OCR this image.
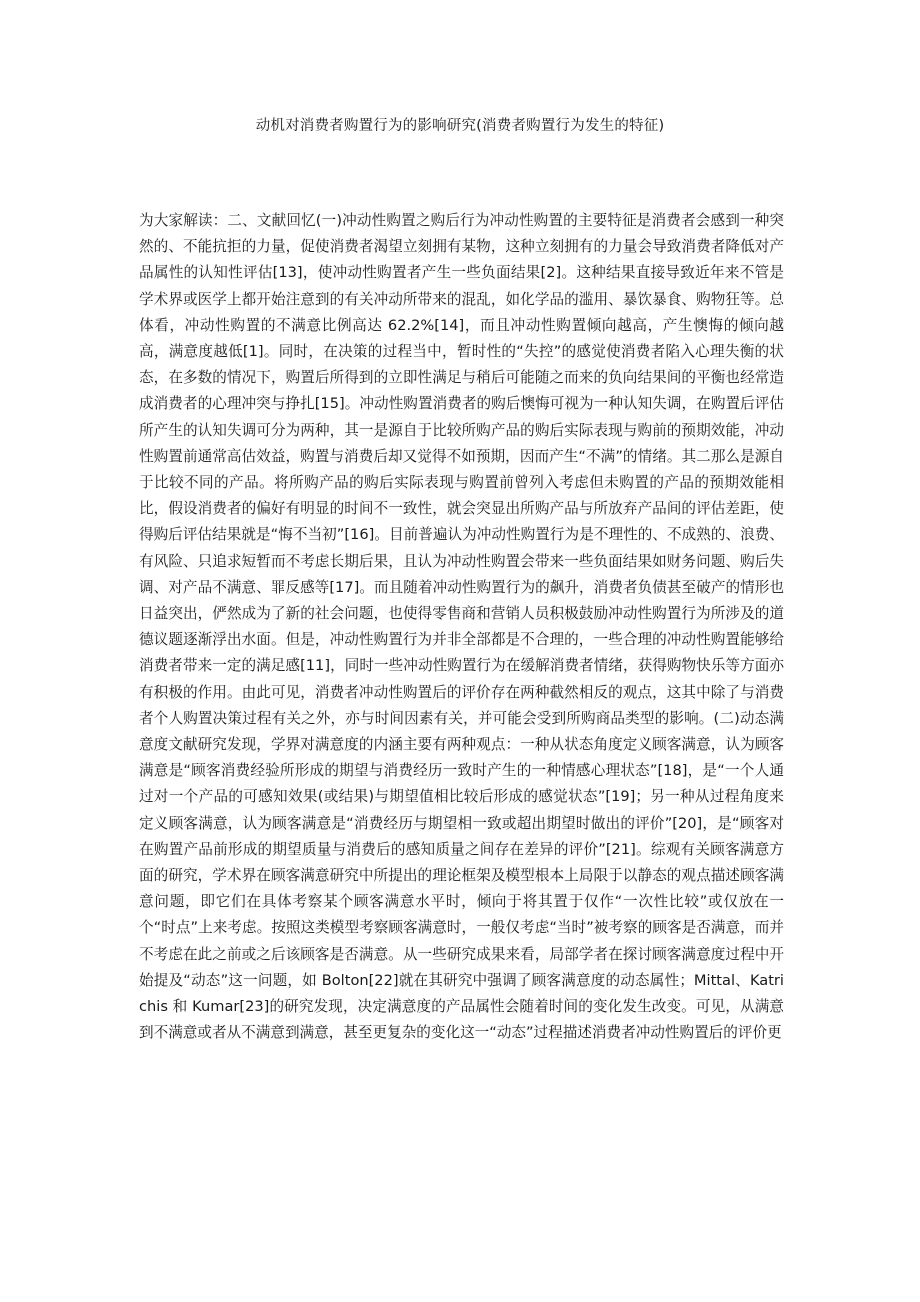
动机对消费者购置行为的影响研究(消费者购置行为发生的特征)

为大家解读：二、文献回忆(一)冲动性购置之购后行为冲动性购置的主要特征是消费者会感到一种突然的、不能抗拒的力量，促使消费者渴望立刻拥有某物，这种立刻拥有的力量会导致消费者降低对产品属性的认知性评估[13]，使冲动性购置者产生一些负面结果[2]。这种结果直接导致近年来不管是学术界或医学上都开始注意到的有关冲动所带来的混乱，如化学品的滥用、暴饮暴食、购物狂等。总体看，冲动性购置的不满意比例高达 62.2%[14]，而且冲动性购置倾向越高，产生懊悔的倾向越高，满意度越低[1]。同时，在决策的过程当中，暂时性的“失控”的感觉使消费者陷入心理失衡的状态，在多数的情况下，购置后所得到的立即性满足与稍后可能随之而来的负向结果间的平衡也经常造成消费者的心理冲突与挣扎[15]。冲动性购置消费者的购后懊悔可视为一种认知失调，在购置后评估所产生的认知失调可分为两种，其一是源自于比较所购产品的购后实际表现与购前的预期效能，冲动性购置前通常高估效益，购置与消费后却又觉得不如预期，因而产生“不满”的情绪。其二那么是源自于比较不同的产品。将所购产品的购后实际表现与购置前曾列入考虑但未购置的产品的预期效能相比，假设消费者的偏好有明显的时间不一致性，就会突显出所购产品与所放弃产品间的评估差距，使得购后评估结果就是“悔不当初”[16]。目前普遍认为冲动性购置行为是不理性的、不成熟的、浪费、有风险、只追求短暂而不考虑长期后果，且认为冲动性购置会带来一些负面结果如财务问题、购后失调、对产品不满意、罪反感等[17]。而且随着冲动性购置行为的飙升，消费者负债甚至破产的情形也日益突出，俨然成为了新的社会问题，也使得零售商和营销人员积极鼓励冲动性购置行为所涉及的道德议题逐渐浮出水面。但是，冲动性购置行为并非全部都是不合理的，一些合理的冲动性购置能够给消费者带来一定的满足感[11]，同时一些冲动性购置行为在缓解消费者情绪，获得购物快乐等方面亦有积极的作用。由此可见，消费者冲动性购置后的评价存在两种截然相反的观点，这其中除了与消费者个人购置决策过程有关之外，亦与时间因素有关，并可能会受到所购商品类型的影响。(二)动态满意度文献研究发现，学界对满意度的内涵主要有两种观点：一种从状态角度定义顾客满意，认为顾客满意是“顾客消费经验所形成的期望与消费经历一致时产生的一种情感心理状态”[18]，是“一个人通过对一个产品的可感知效果(或结果)与期望值相比较后形成的感觉状态”[19]；另一种从过程角度来定义顾客满意，认为顾客满意是“消费经历与期望相一致或超出期望时做出的评价”[20]，是“顾客对在购置产品前形成的期望质量与消费后的感知质量之间存在差异的评价”[21]。综观有关顾客满意方面的研究，学术界在顾客满意研究中所提出的理论框架及模型根本上局限于以静态的观点描述顾客满意问题，即它们在具体考察某个顾客满意水平时，倾向于将其置于仅作“一次性比较”或仅放在一个“时点”上来考虑。按照这类模型考察顾客满意时，一般仅考虑“当时”被考察的顾客是否满意，而并不考虑在此之前或之后该顾客是否满意。从一些研究成果来看，局部学者在探讨顾客满意度过程中开始提及“动态”这一问题，如 Bolton[22]就在其研究中强调了顾客满意度的动态属性；Mittal、Katrichis 和 Kumar[23]的研究发现，决定满意度的产品属性会随着时间的变化发生改变。可见，从满意到不满意或者从不满意到满意，甚至更复杂的变化这一“动态”过程描述消费者冲动性购置后的评价更
